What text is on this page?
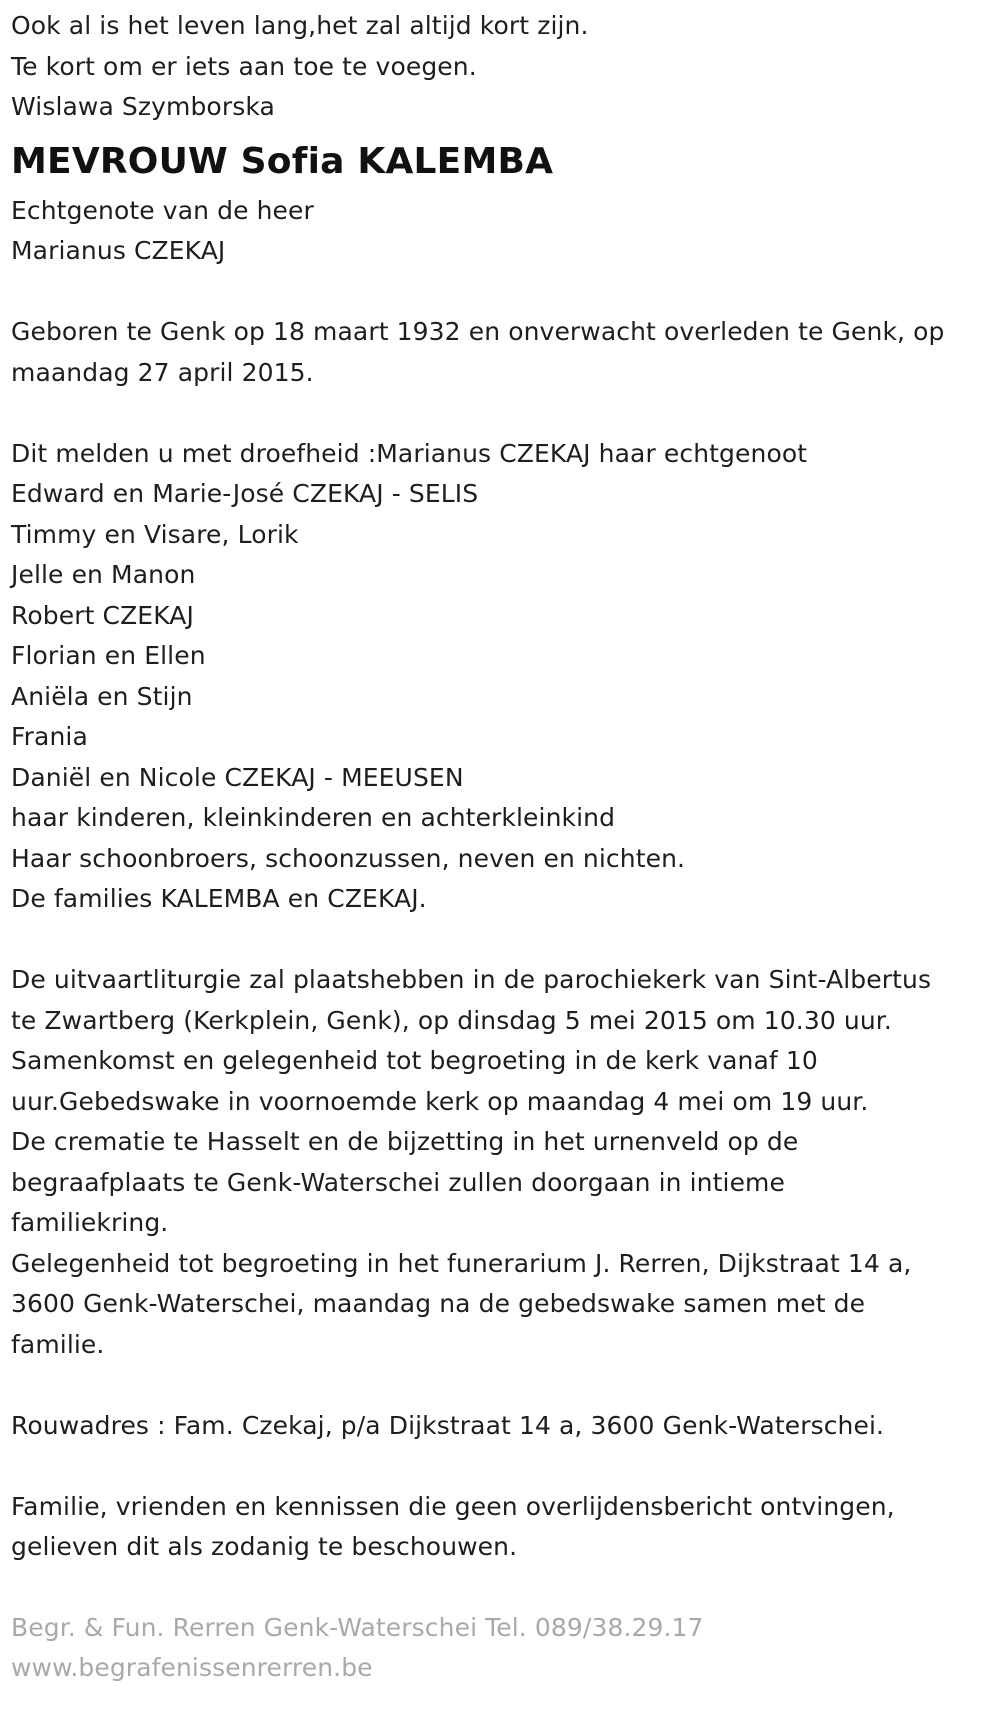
Ook al is het leven lang,het zal altijd kort zijn.
Te kort om er iets aan toe te voegen.
Wislawa Szymborska
MEVROUW Sofia KALEMBA
Echtgenote van de heer
Marianus CZEKAJ
Geboren te Genk op 18 maart 1932 en onverwacht overleden te Genk, op
maandag 27 april 2015.
Dit melden u met droefheid :Marianus CZEKAJ haar echtgenoot
Edward en Marie-José CZEKAJ - SELIS
Timmy en Visare, Lorik
Jelle en Manon
Robert CZEKAJ
Florian en Ellen
Aniëla en Stijn
Frania
Daniël en Nicole CZEKAJ - MEEUSEN
haar kinderen, kleinkinderen en achterkleinkind
Haar schoonbroers, schoonzussen, neven en nichten.
De families KALEMBA en CZEKAJ.
De uitvaartliturgie zal plaatshebben in de parochiekerk van Sint-Albertus
te Zwartberg (Kerkplein, Genk), op dinsdag 5 mei 2015 om 10.30 uur.
Samenkomst en gelegenheid tot begroeting in de kerk vanaf 10
uur.Gebedswake in voornoemde kerk op maandag 4 mei om 19 uur.
De crematie te Hasselt en de bijzetting in het urnenveld op de
begraafplaats te Genk-Waterschei zullen doorgaan in intieme
familiekring.
Gelegenheid tot begroeting in het funerarium J. Rerren, Dijkstraat 14 a,
3600 Genk-Waterschei, maandag na de gebedswake samen met de
familie.
Rouwadres : Fam. Czekaj, p/a Dijkstraat 14 a, 3600 Genk-Waterschei.
Familie, vrienden en kennissen die geen overlijdensbericht ontvingen,
gelieven dit als zodanig te beschouwen.
Begr. & Fun. Rerren Genk-Waterschei Tel. 089/38.29.17
www.begrafenissenrerren.be
